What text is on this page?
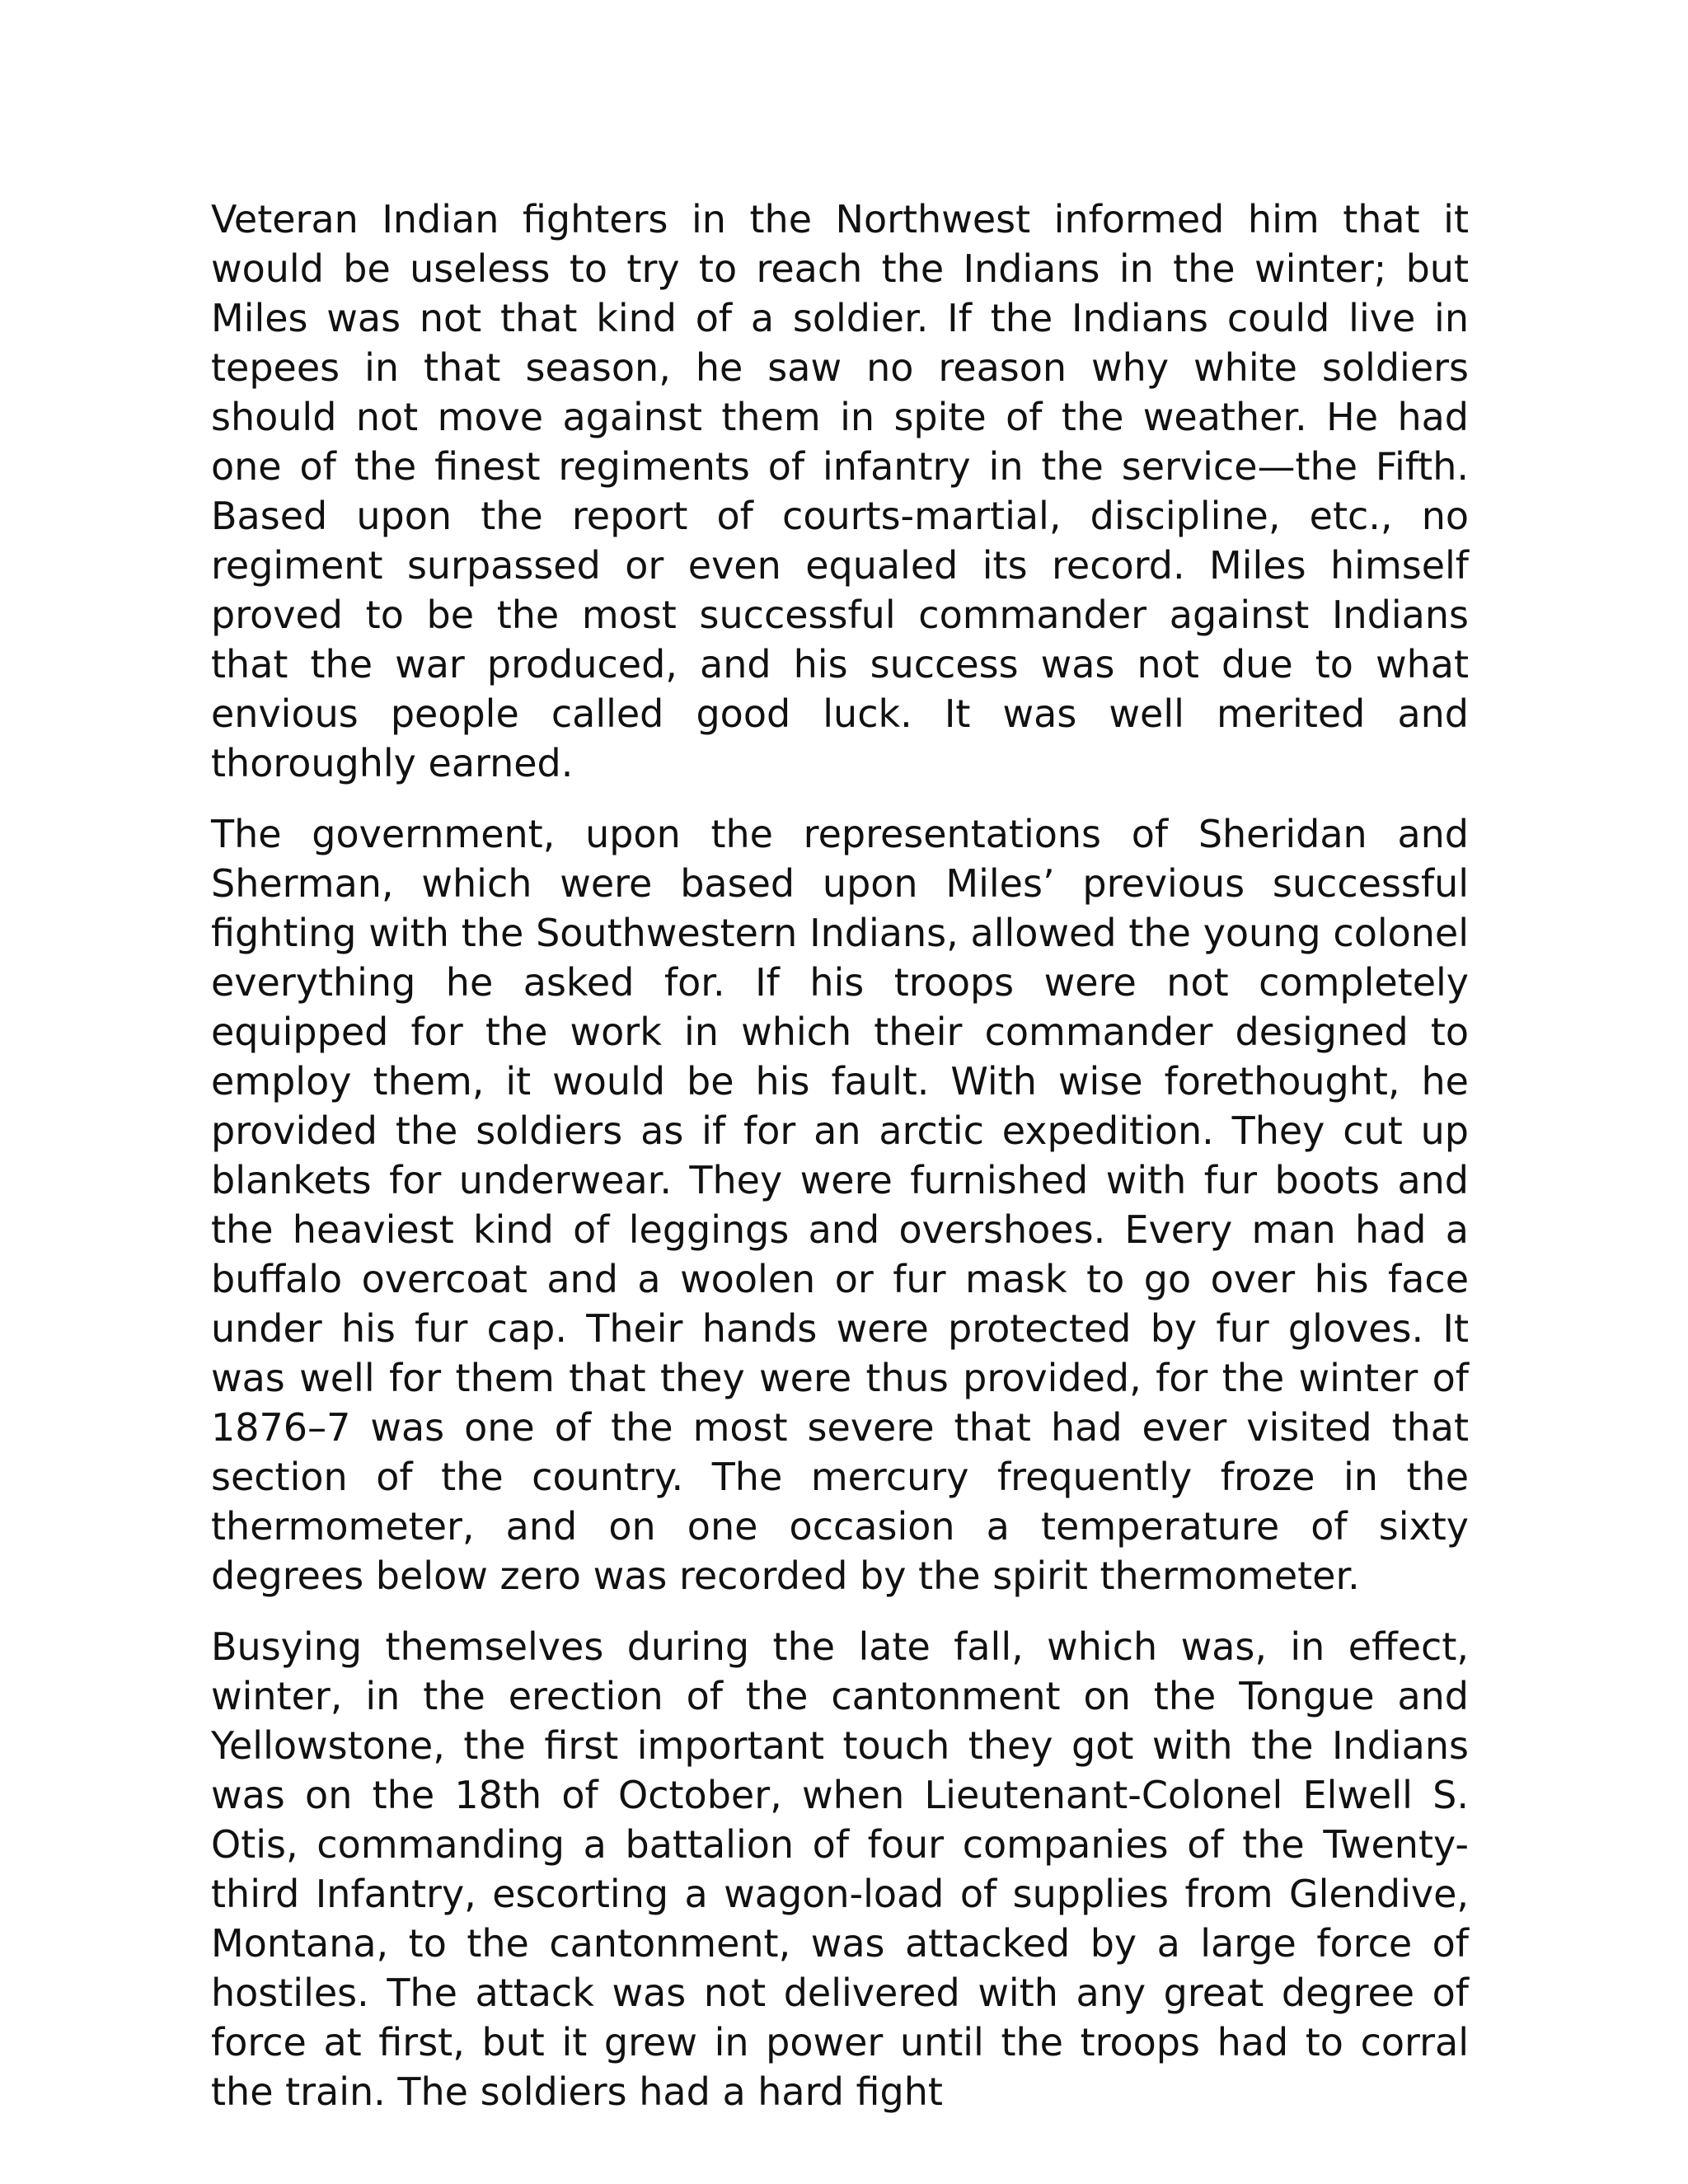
Veteran Indian fighters in the Northwest informed him that it would be useless to try to reach the Indians in the winter; but Miles was not that kind of a soldier. If the Indians could live in tepees in that season, he saw no reason why white soldiers should not move against them in spite of the weather. He had one of the finest regiments of infantry in the service—the Fifth. Based upon the report of courts-martial, discipline, etc., no regiment surpassed or even equaled its record. Miles himself proved to be the most successful commander against Indians that the war produced, and his success was not due to what envious people called good luck. It was well merited and thoroughly earned.

The government, upon the representations of Sheridan and Sherman, which were based upon Miles’ previous successful fighting with the Southwestern Indians, allowed the young colonel everything he asked for. If his troops were not completely equipped for the work in which their commander designed to employ them, it would be his fault. With wise forethought, he provided the soldiers as if for an arctic expedition. They cut up blankets for underwear. They were furnished with fur boots and the heaviest kind of leggings and overshoes. Every man had a buffalo overcoat and a woolen or fur mask to go over his face under his fur cap. Their hands were protected by fur gloves. It was well for them that they were thus provided, for the winter of 1876–7 was one of the most severe that had ever visited that section of the country. The mercury frequently froze in the thermometer, and on one occasion a temperature of sixty degrees below zero was recorded by the spirit thermometer.

Busying themselves during the late fall, which was, in effect, winter, in the erection of the cantonment on the Tongue and Yellowstone, the first important touch they got with the Indians was on the 18th of October, when Lieutenant-Colonel Elwell S. Otis, commanding a battalion of four companies of the Twenty-third Infantry, escorting a wagon-load of supplies from Glendive, Montana, to the cantonment, was attacked by a large force of hostiles. The attack was not delivered with any great degree of force at first, but it grew in power until the troops had to corral the train. The soldiers had a hard fight
